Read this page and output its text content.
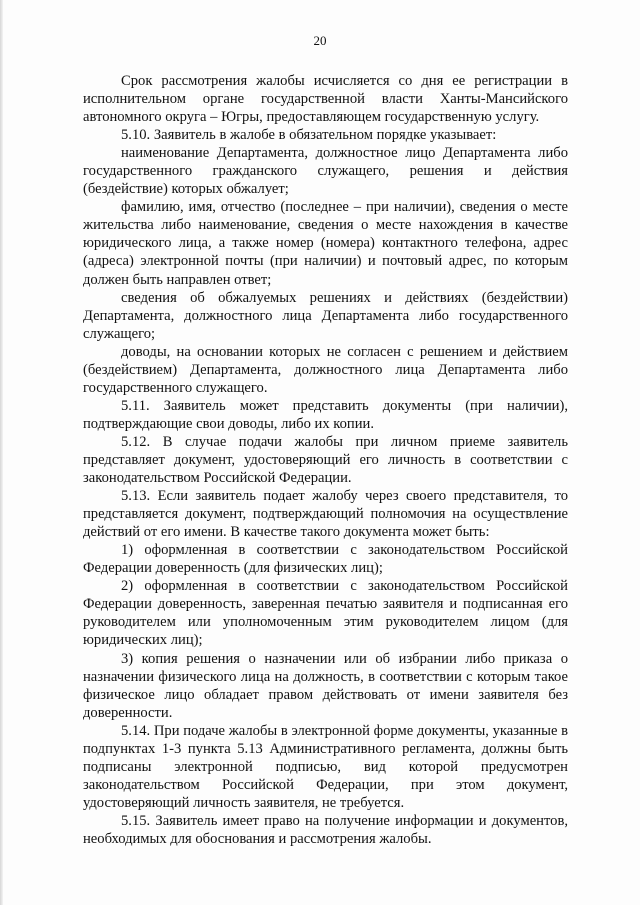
20

Срок рассмотрения жалобы исчисляется со дня ее регистрации в исполнительном органе государственной власти Ханты-Мансийского автономного округа – Югры, предоставляющем государственную услугу.

5.10. Заявитель в жалобе в обязательном порядке указывает:

наименование Департамента, должностное лицо Департамента либо государственного гражданского служащего, решения и действия (бездействие) которых обжалует;

фамилию, имя, отчество (последнее – при наличии), сведения о месте жительства либо наименование, сведения о месте нахождения в качестве юридического лица, а также номер (номера) контактного телефона, адрес (адреса) электронной почты (при наличии) и почтовый адрес, по которым должен быть направлен ответ;

сведения об обжалуемых решениях и действиях (бездействии) Департамента, должностного лица Департамента либо государственного служащего;

доводы, на основании которых не согласен с решением и действием (бездействием) Департамента, должностного лица Департамента либо государственного служащего.

5.11. Заявитель может представить документы (при наличии), подтверждающие свои доводы, либо их копии.

5.12. В случае подачи жалобы при личном приеме заявитель представляет документ, удостоверяющий его личность в соответствии с законодательством Российской Федерации.

5.13. Если заявитель подает жалобу через своего представителя, то представляется документ, подтверждающий полномочия на осуществление действий от его имени. В качестве такого документа может быть:

1) оформленная в соответствии с законодательством Российской Федерации доверенность (для физических лиц);

2) оформленная в соответствии с законодательством Российской Федерации доверенность, заверенная печатью заявителя и подписанная его руководителем или уполномоченным этим руководителем лицом (для юридических лиц);

3) копия решения о назначении или об избрании либо приказа о назначении физического лица на должность, в соответствии с которым такое физическое лицо обладает правом действовать от имени заявителя без доверенности.

5.14. При подаче жалобы в электронной форме документы, указанные в подпунктах 1-3 пункта 5.13 Административного регламента, должны быть подписаны электронной подписью, вид которой предусмотрен законодательством Российской Федерации, при этом документ, удостоверяющий личность заявителя, не требуется.

5.15. Заявитель имеет право на получение информации и документов, необходимых для обоснования и рассмотрения жалобы.
